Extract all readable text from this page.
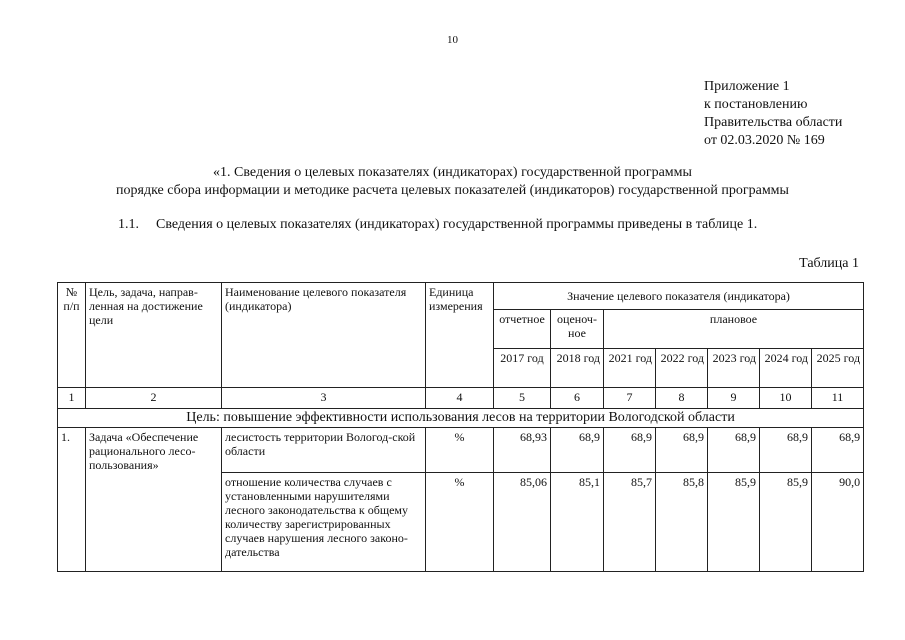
10
Приложение 1
к постановлению
Правительства области
от 02.03.2020 № 169
«1. Сведения о целевых показателях (индикаторах) государственной программы
порядке сбора информации и методике расчета целевых показателей (индикаторов) государственной программы
1.1. Сведения о целевых показателях (индикаторах) государственной программы приведены в таблице 1.
Таблица 1
№ п/п	Цель, задача, направ-ленная на достижение цели	Наименование целевого показателя (индикатора)	Единица измерения	Значение целевого показателя (индикатора)						
				отчетное	оценоч-ное	плановое				
				2017 год	2018 год	2021 год	2022 год	2023 год	2024 год	2025 год
1	2	3	4	5	6	7	8	9	10	11
Цель: повышение эффективности использования лесов на территории Вологодской области										
1.	Задача «Обеспечение рационального лесо-пользования»	лесистость территории Вологод-ской области	%	68,93	68,9	68,9	68,9	68,9	68,9	68,9
		отношение количества случаев с установленными нарушителями лесного законодательства к общему количеству зарегистрированных случаев нарушения лесного законо-дательства	%	85,06	85,1	85,7	85,8	85,9	85,9	90,0
